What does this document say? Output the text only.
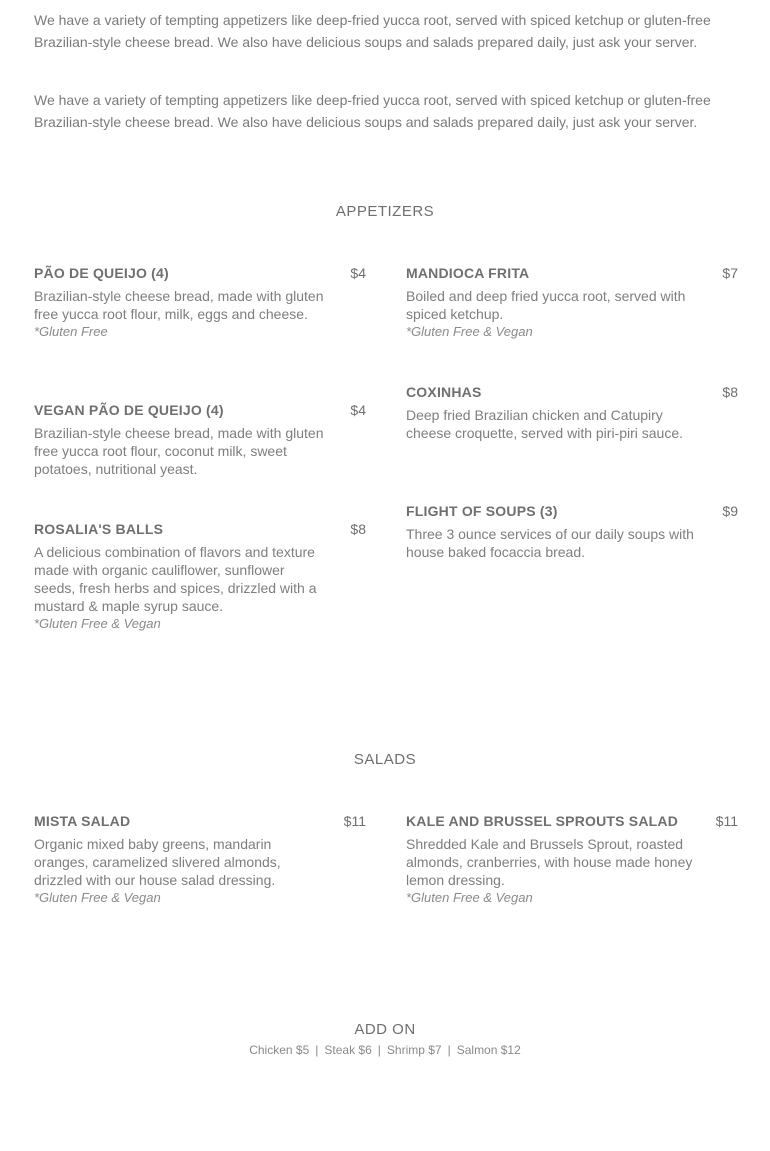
We have a variety of tempting appetizers like deep-fried yucca root, served with spiced ketchup or gluten-free Brazilian-style cheese bread. We also have delicious soups and salads prepared daily, just ask your server.

We have a variety of tempting appetizers like deep-fried yucca root, served with spiced ketchup or gluten-free Brazilian-style cheese bread. We also have delicious soups and salads prepared daily, just ask your server.

APPETIZERS
PÃO DE QUEIJO (4)	$4
Brazilian-style cheese bread, made with gluten free yucca root flour, milk, eggs and cheese.
*Gluten Free
VEGAN PÃO DE QUEIJO (4)	$4
Brazilian-style cheese bread, made with gluten free yucca root flour, coconut milk, sweet potatoes, nutritional yeast.
ROSALIA'S BALLS	$8
A delicious combination of flavors and texture made with organic cauliflower, sunflower seeds, fresh herbs and spices, drizzled with a mustard & maple syrup sauce.
*Gluten Free & Vegan
MANDIOCA FRITA	$7
Boiled and deep fried yucca root, served with spiced ketchup.
*Gluten Free & Vegan
COXINHAS	$8
Deep fried Brazilian chicken and Catupiry cheese croquette, served with piri-piri sauce.
FLIGHT OF SOUPS (3)	$9
Three 3 ounce services of our daily soups with house baked focaccia bread.
SALADS
MISTA SALAD	$11
Organic mixed baby greens, mandarin oranges, caramelized slivered almonds, drizzled with our house salad dressing.
*Gluten Free & Vegan
KALE AND BRUSSEL SPROUTS SALAD	$11
Shredded Kale and Brussels Sprout, roasted almonds, cranberries, with house made honey lemon dressing.
*Gluten Free & Vegan
ADD ON
Chicken $5 | Steak $6 | Shrimp $7 | Salmon $12
